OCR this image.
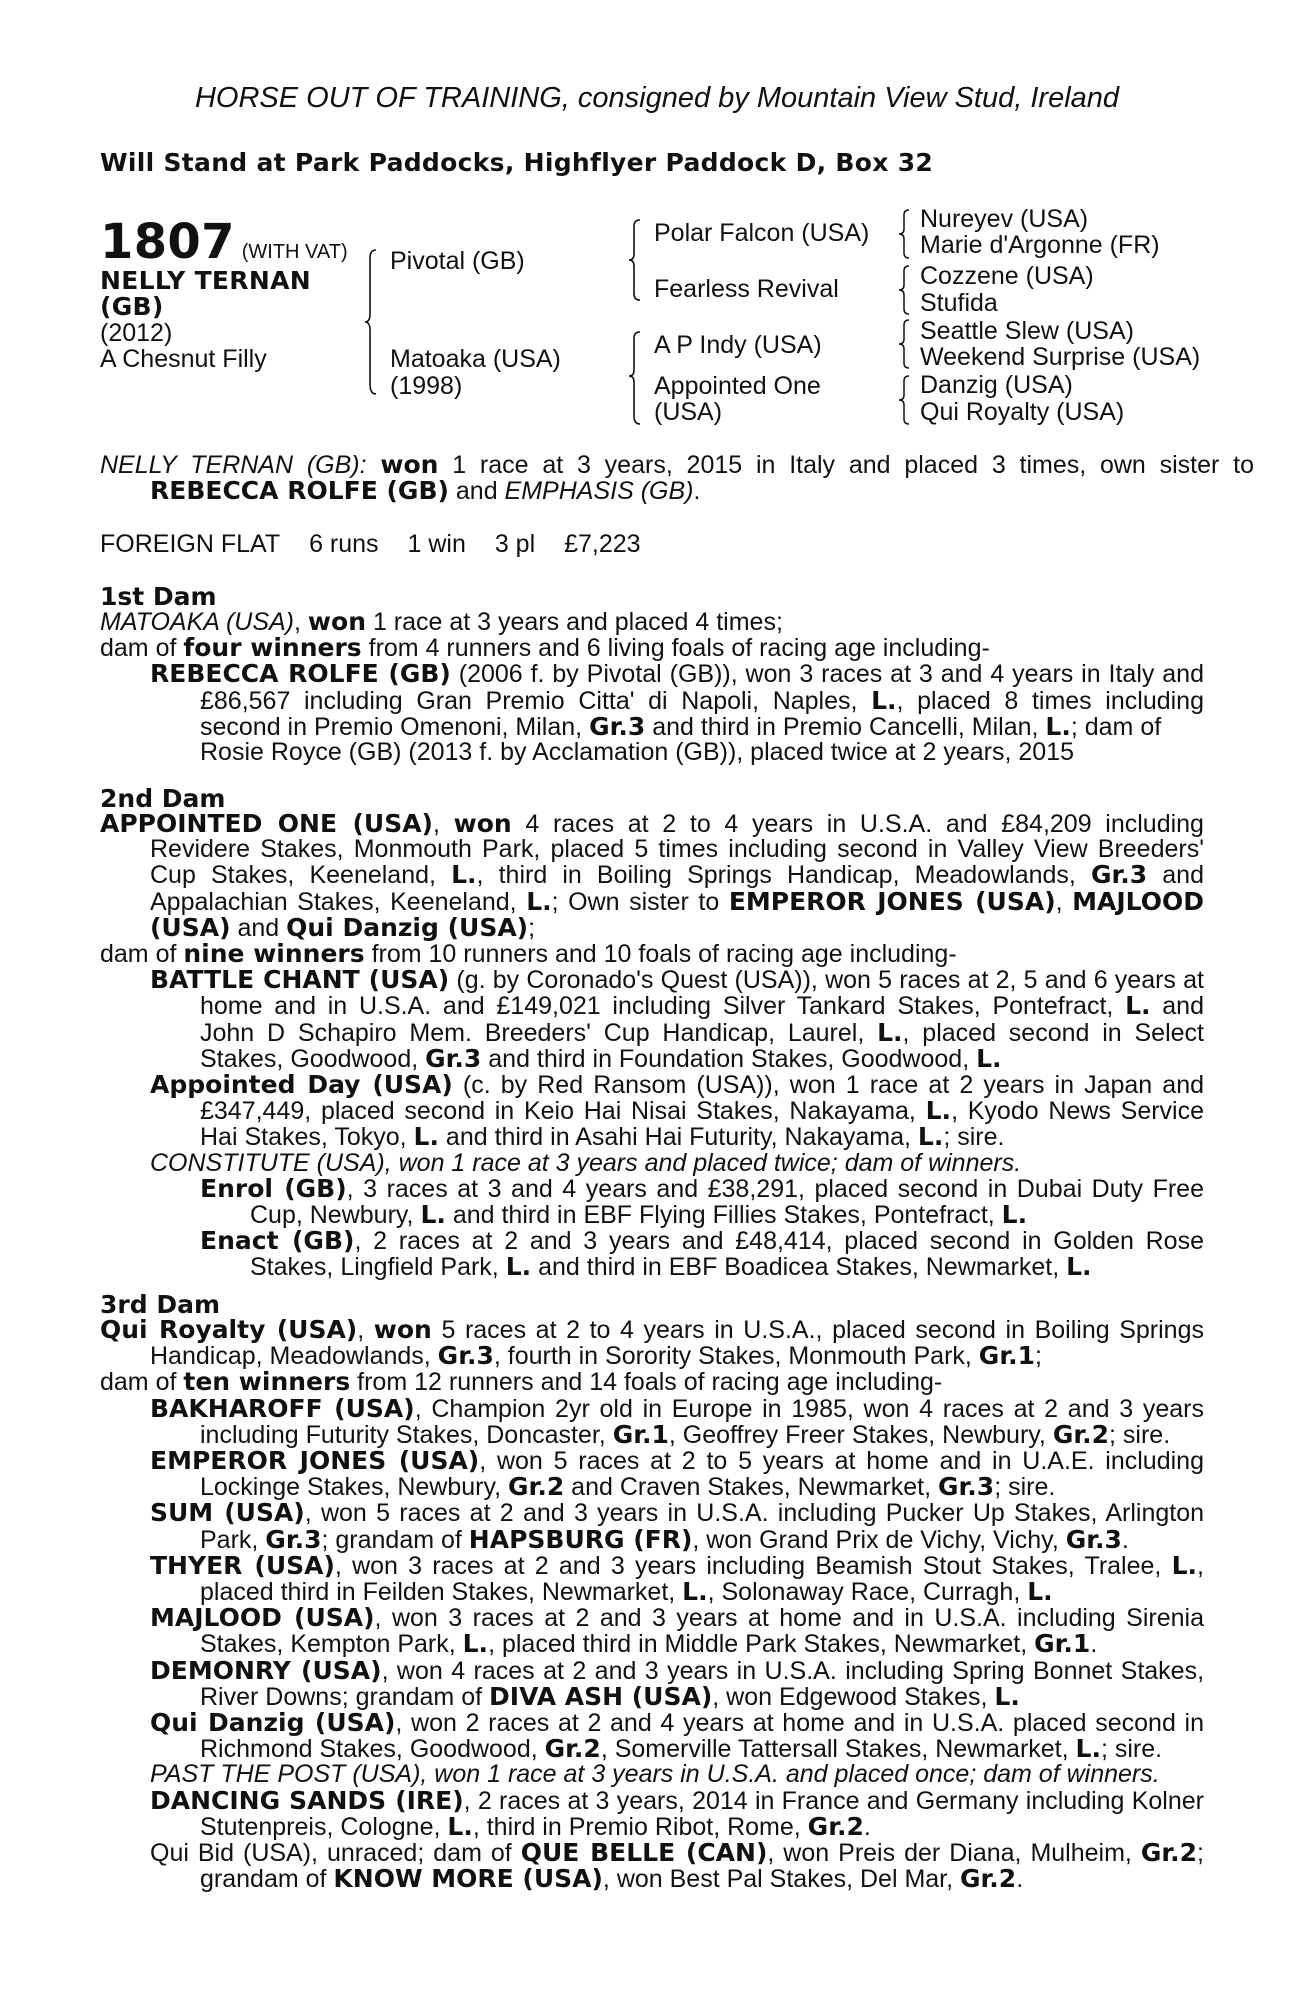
HORSE OUT OF TRAINING, consigned by Mountain View Stud, Ireland
Will Stand at Park Paddocks, Highflyer Paddock D, Box 32
1807 (WITH VAT)
NELLY TERNAN
(GB)
(2012)
A Chesnut Filly
Pivotal (GB)
Matoaka (USA)
(1998)
Polar Falcon (USA)
Fearless Revival
A P Indy (USA)
Appointed One
(USA)
Nureyev (USA)
Marie d'Argonne (FR)
Cozzene (USA)
Stufida
Seattle Slew (USA)
Weekend Surprise (USA)
Danzig (USA)
Qui Royalty (USA)
NELLY TERNAN (GB): won 1 race at 3 years, 2015 in Italy and placed 3 times, own sister to REBECCA ROLFE (GB) and EMPHASIS (GB).
FOREIGN FLAT 6 runs 1 win 3 pl £7,223
1st Dam

MATOAKA (USA), won 1 race at 3 years and placed 4 times;

dam of four winners from 4 runners and 6 living foals of racing age including-

REBECCA ROLFE (GB) (2006 f. by Pivotal (GB)), won 3 races at 3 and 4 years in Italy and £86,567 including Gran Premio Citta' di Napoli, Naples, L., placed 8 times including second in Premio Omenoni, Milan, Gr.3 and third in Premio Cancelli, Milan, L.; dam of

Rosie Royce (GB) (2013 f. by Acclamation (GB)), placed twice at 2 years, 2015

2nd Dam

APPOINTED ONE (USA), won 4 races at 2 to 4 years in U.S.A. and £84,209 including Revidere Stakes, Monmouth Park, placed 5 times including second in Valley View Breeders' Cup Stakes, Keeneland, L., third in Boiling Springs Handicap, Meadowlands, Gr.3 and Appalachian Stakes, Keeneland, L.; Own sister to EMPEROR JONES (USA), MAJLOOD (USA) and Qui Danzig (USA);

dam of nine winners from 10 runners and 10 foals of racing age including-

BATTLE CHANT (USA) (g. by Coronado's Quest (USA)), won 5 races at 2, 5 and 6 years at home and in U.S.A. and £149,021 including Silver Tankard Stakes, Pontefract, L. and John D Schapiro Mem. Breeders' Cup Handicap, Laurel, L., placed second in Select Stakes, Goodwood, Gr.3 and third in Foundation Stakes, Goodwood, L.

Appointed Day (USA) (c. by Red Ransom (USA)), won 1 race at 2 years in Japan and £347,449, placed second in Keio Hai Nisai Stakes, Nakayama, L., Kyodo News Service Hai Stakes, Tokyo, L. and third in Asahi Hai Futurity, Nakayama, L.; sire.

CONSTITUTE (USA), won 1 race at 3 years and placed twice; dam of winners.

Enrol (GB), 3 races at 3 and 4 years and £38,291, placed second in Dubai Duty Free Cup, Newbury, L. and third in EBF Flying Fillies Stakes, Pontefract, L.

Enact (GB), 2 races at 2 and 3 years and £48,414, placed second in Golden Rose Stakes, Lingfield Park, L. and third in EBF Boadicea Stakes, Newmarket, L.

3rd Dam

Qui Royalty (USA), won 5 races at 2 to 4 years in U.S.A., placed second in Boiling Springs Handicap, Meadowlands, Gr.3, fourth in Sorority Stakes, Monmouth Park, Gr.1;

dam of ten winners from 12 runners and 14 foals of racing age including-

BAKHAROFF (USA), Champion 2yr old in Europe in 1985, won 4 races at 2 and 3 years including Futurity Stakes, Doncaster, Gr.1, Geoffrey Freer Stakes, Newbury, Gr.2; sire.

EMPEROR JONES (USA), won 5 races at 2 to 5 years at home and in U.A.E. including Lockinge Stakes, Newbury, Gr.2 and Craven Stakes, Newmarket, Gr.3; sire.

SUM (USA), won 5 races at 2 and 3 years in U.S.A. including Pucker Up Stakes, Arlington Park, Gr.3; grandam of HAPSBURG (FR), won Grand Prix de Vichy, Vichy, Gr.3.

THYER (USA), won 3 races at 2 and 3 years including Beamish Stout Stakes, Tralee, L., placed third in Feilden Stakes, Newmarket, L., Solonaway Race, Curragh, L.

MAJLOOD (USA), won 3 races at 2 and 3 years at home and in U.S.A. including Sirenia Stakes, Kempton Park, L., placed third in Middle Park Stakes, Newmarket, Gr.1.

DEMONRY (USA), won 4 races at 2 and 3 years in U.S.A. including Spring Bonnet Stakes, River Downs; grandam of DIVA ASH (USA), won Edgewood Stakes, L.

Qui Danzig (USA), won 2 races at 2 and 4 years at home and in U.S.A. placed second in Richmond Stakes, Goodwood, Gr.2, Somerville Tattersall Stakes, Newmarket, L.; sire.

PAST THE POST (USA), won 1 race at 3 years in U.S.A. and placed once; dam of winners.

DANCING SANDS (IRE), 2 races at 3 years, 2014 in France and Germany including Kolner Stutenpreis, Cologne, L., third in Premio Ribot, Rome, Gr.2.

Qui Bid (USA), unraced; dam of QUE BELLE (CAN), won Preis der Diana, Mulheim, Gr.2; grandam of KNOW MORE (USA), won Best Pal Stakes, Del Mar, Gr.2.
